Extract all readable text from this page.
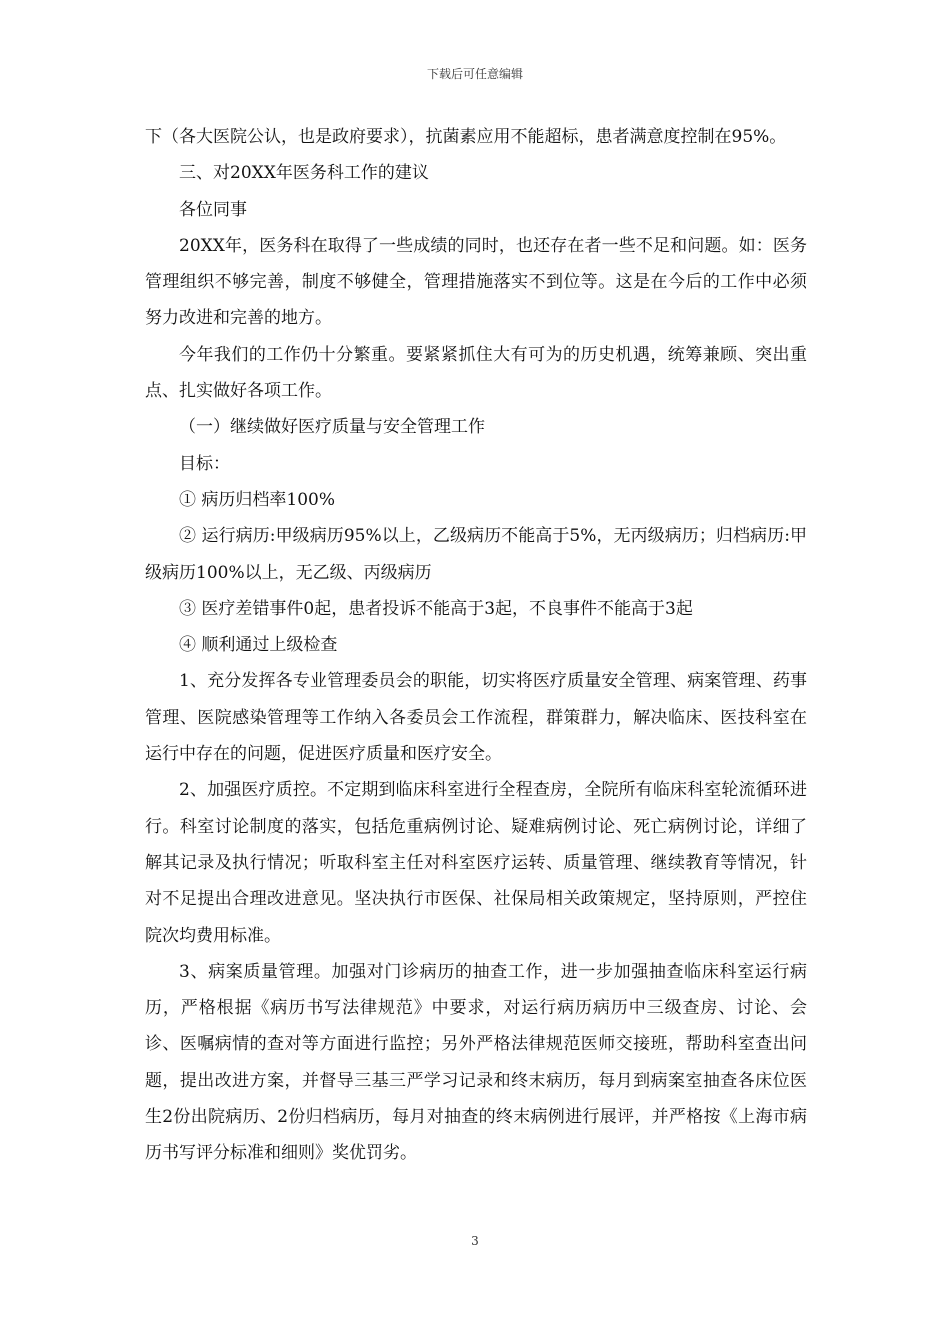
下载后可任意编辑

下（各大医院公认，也是政府要求），抗菌素应用不能超标，患者满意度控制在95%。

三、对20XX年医务科工作的建议

各位同事

20XX年，医务科在取得了一些成绩的同时，也还存在者一些不足和问题。如：医务管理组织不够完善，制度不够健全，管理措施落实不到位等。这是在今后的工作中必须努力改进和完善的地方。

今年我们的工作仍十分繁重。要紧紧抓住大有可为的历史机遇，统筹兼顾、突出重点、扎实做好各项工作。

（一）继续做好医疗质量与安全管理工作

目标：

① 病历归档率100%

② 运行病历:甲级病历95%以上，乙级病历不能高于5%，无丙级病历；归档病历:甲级病历100%以上，无乙级、丙级病历

③ 医疗差错事件0起，患者投诉不能高于3起，不良事件不能高于3起

④ 顺利通过上级检查

1、充分发挥各专业管理委员会的职能，切实将医疗质量安全管理、病案管理、药事管理、医院感染管理等工作纳入各委员会工作流程，群策群力，解决临床、医技科室在运行中存在的问题，促进医疗质量和医疗安全。

2、加强医疗质控。不定期到临床科室进行全程查房，全院所有临床科室轮流循环进行。科室讨论制度的落实，包括危重病例讨论、疑难病例讨论、死亡病例讨论，详细了解其记录及执行情况；听取科室主任对科室医疗运转、质量管理、继续教育等情况，针对不足提出合理改进意见。坚决执行市医保、社保局相关政策规定，坚持原则，严控住院次均费用标准。

3、病案质量管理。加强对门诊病历的抽查工作，进一步加强抽查临床科室运行病历，严格根据《病历书写法律规范》中要求，对运行病历病历中三级查房、讨论、会诊、医嘱病情的查对等方面进行监控；另外严格法律规范医师交接班，帮助科室查出问题，提出改进方案，并督导三基三严学习记录和终末病历，每月到病案室抽查各床位医生2份出院病历、2份归档病历，每月对抽查的终末病例进行展评，并严格按《上海市病历书写评分标准和细则》奖优罚劣。

3
